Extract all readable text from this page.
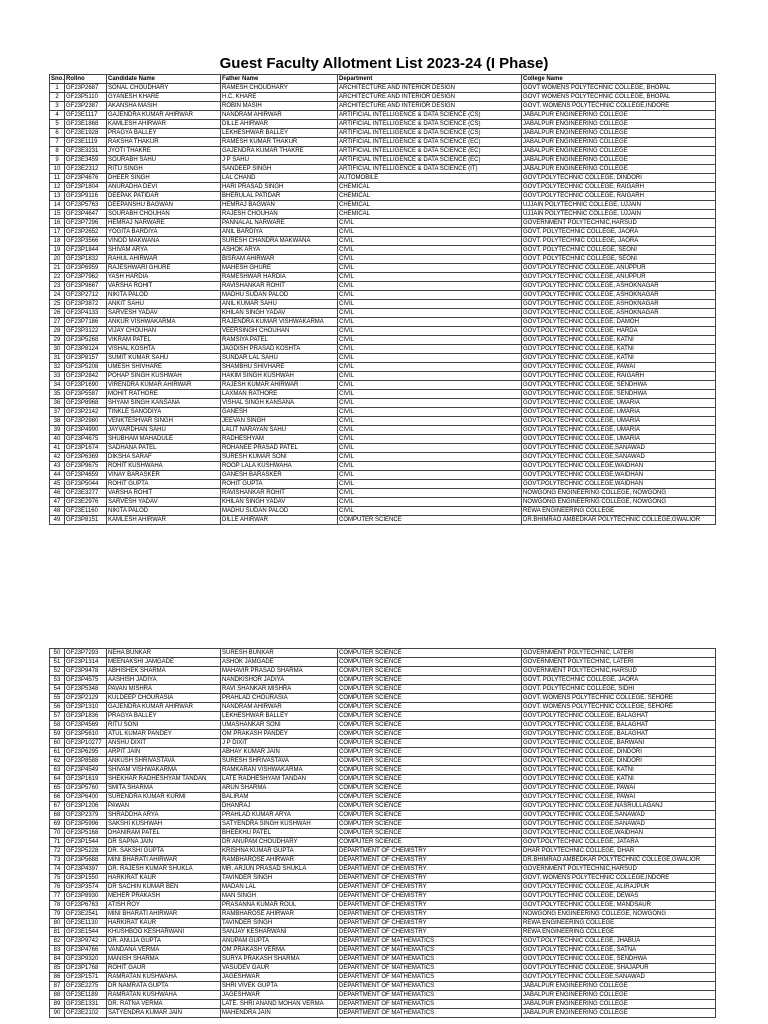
Guest Faculty Allotment List 2023-24 (I Phase)
Sno.	Rollno	Candidate Name	Father Name	Department	College Name
1	GF23P2687	SONAL CHOUDHARY	RAMESH CHOUDHARY	ARCHITECTURE AND INTERIOR DESIGN	GOVT WOMENS POLYTECHNIC COLLEGE, BHOPAL
2	GF23P5110	GYANESH KHARE	H.C. KHARE	ARCHITECTURE AND INTERIOR DESIGN	GOVT WOMENS POLYTECHNIC COLLEGE, BHOPAL
3	GF23P2387	AKANSHA MASIH	ROBIN MASIH	ARCHITECTURE AND INTERIOR DESIGN	GOVT. WOMENS POLYTECHNIC COLLEGE,INDORE
4	GF23E1117	GAJENDRA KUMAR AHIRWAR	NANDRAM AHIRWAR	ARTIFICIAL INTELLIGENCE & DATA SCIENCE (CS)	JABALPUR ENGINEERING COLLEGE
5	GF23E1868	KAMLESH AHIRWAR	DILLE AHIRWAR	ARTIFICIAL INTELLIGENCE & DATA SCIENCE (CS)	JABALPUR ENGINEERING COLLEGE
6	GF23E1928	PRAGYA BALLEY	LEKHESHWAR BALLEY	ARTIFICIAL INTELLIGENCE & DATA SCIENCE (CS)	JABALPUR ENGINEERING COLLEGE
7	GF23E1119	RAKSHA THAKUR	RAMESH KUMAR THAKUR	ARTIFICIAL INTELLIGENCE & DATA SCIENCE (EC)	JABALPUR ENGINEERING COLLEGE
8	GF23E3231	JYOTI THAKRE	GAJENDRA KUMAR THAKRE	ARTIFICIAL INTELLIGENCE & DATA SCIENCE (EC)	JABALPUR ENGINEERING COLLEGE
9	GF23E3459	SOURABH SAHU	J P SAHU	ARTIFICIAL INTELLIGENCE & DATA SCIENCE (EC)	JABALPUR ENGINEERING COLLEGE
10	GF23E2312	RITU SINGH	SANDEEP SINGH	ARTIFICIAL INTELLIGENCE & DATA SCIENCE (IT)	JABALPUR ENGINEERING COLLEGE
11	GF23P4676	DHEER SINGH	LAL CHAND	AUTOMOBILE	GOVT.POLYTECHNIC COLLEGE, DINDORI
12	GF23P1804	ANURADHA DEVI	HARI PRASAD SINGH	CHEMICAL	GOVT.POLYTECHNIC COLLEGE, RAIGARH
13	GF23P9116	DEEPAK PATIDAR	BHERULAL PATIDAR	CHEMICAL	GOVT.POLYTECHNIC COLLEGE, RAIGARH
14	GF23P5763	DEEPANSHU BAGWAN	HEMRAJ BAGWAN	CHEMICAL	UJJAIN POLYTECHNIC COLLEGE, UJJAIN
15	GF23P4647	SOURABH CHOUHAN	RAJESH CHOUHAN	CHEMICAL	UJJAIN POLYTECHNIC COLLEGE, UJJAIN
16	GF23P7296	HEMRAJ NARWARE	PANNALAL NARWARE	CIVIL	GOVERNMENT POLYTECHNIC,HARSUD
17	GF23P2652	YOGITA BARDIYA	ANIL BARDIYA	CIVIL	GOVT. POLYTECHNIC COLLEGE, JAORA
18	GF23P3566	VINOD MAKWANA	SURESH CHANDRA MAKWANA	CIVIL	GOVT. POLYTECHNIC COLLEGE, JAORA
19	GF23P1844	SHIVAM ARYA	ASHOK ARYA	CIVIL	GOVT. POLYTECHNIC COLLEGE, SEONI
20	GF23P1832	RAHUL AHIRWAR	BISRAM AHIRWAR	CIVIL	GOVT. POLYTECHNIC COLLEGE, SEONI
21	GF23P6959	RAJESHWARI GHURE	MAHESH GHURE	CIVIL	GOVT.POLYTECHNIC COLLEGE, ANUPPUR
22	GF23P7962	YASH HARDIA	RAMESHWAR HARDIA	CIVIL	GOVT.POLYTECHNIC COLLEGE, ANUPPUR
23	GF23P9667	VARSHA ROHIT	RAVISHANKAR ROHIT	CIVIL	GOVT.POLYTECHNIC COLLEGE, ASHOKNAGAR
24	GF23P2712	NIKITA PALOD	MADHU SUDAN PALOD	CIVIL	GOVT.POLYTECHNIC COLLEGE, ASHOKNAGAR
25	GF23P3872	ANKIT SAHU	ANIL KUMAR SAHU	CIVIL	GOVT.POLYTECHNIC COLLEGE, ASHOKNAGAR
26	GF23P4133	SARVESH YADAV	KHILAN SINGH YADAV	CIVIL	GOVT.POLYTECHNIC COLLEGE, ASHOKNAGAR
27	GF23P7186	ANKUR VISHWAKARMA	RAJENDRA KUMAR VISHWAKARMA	CIVIL	GOVT.POLYTECHNIC COLLEGE, DAMOH
28	GF23P3122	VIJAY CHOUHAN	VEERSINGH CHOUHAN	CIVIL	GOVT.POLYTECHNIC COLLEGE, HARDA
29	GF23P5268	VIKRAM PATEL	RAMSIYA PATEL	CIVIL	GOVT.POLYTECHNIC COLLEGE, KATNI
30	GF23P8124	VISHAL KOSHTA	JAGDISH PRASAD KOSHTA	CIVIL	GOVT.POLYTECHNIC COLLEGE, KATNI
31	GF23P8157	SUMIT KUMAR SAHU	SUNDAR LAL SAHU	CIVIL	GOVT.POLYTECHNIC COLLEGE, KATNI
32	GF23P5208	UMESH SHIVHARE	SHAMBHU SHIVHARE	CIVIL	GOVT.POLYTECHNIC COLLEGE, PAWAI
33	GF23P2842	POHAP SINGH KUSHWAH	HAKIM SINGH KUSHWAH	CIVIL	GOVT.POLYTECHNIC COLLEGE, RAIGARH
34	GF23P1690	VIRENDRA KUMAR AHIRWAR	RAJESH KUMAR AHIRWAR	CIVIL	GOVT.POLYTECHNIC COLLEGE, SENDHWA
35	GF23P5587	MOHIT RATHORE	LAXMAN RATHORE	CIVIL	GOVT.POLYTECHNIC COLLEGE, SENDHWA
36	GF23P8968	SHYAM SINGH KANSANA	VISHAL SINGH KANSANA	CIVIL	GOVT.POLYTECHNIC COLLEGE, UMARIA
37	GF23P2142	TINKLE SANODIYA	GANESH	CIVIL	GOVT.POLYTECHNIC COLLEGE, UMARIA
38	GF23P2980	VENKTESHVAR SINGH	JEEVAN SINGH	CIVIL	GOVT.POLYTECHNIC COLLEGE, UMARIA
39	GF23P4990	JAYVARDHAN SAHU	LALIT NARAYAN SAHU	CIVIL	GOVT.POLYTECHNIC COLLEGE, UMARIA
40	GF23P4675	SHUBHAM MAHADULE	RADHESHYAM	CIVIL	GOVT.POLYTECHNIC COLLEGE, UMARIA
41	GF23P1674	SADHANA PATEL	ROHANEE PRASAD PATEL	CIVIL	GOVT.POLYTECHNIC COLLEGE,SANAWAD
42	GF23P6369	DIKSHA SARAF	SURESH KUMAR SONI	CIVIL	GOVT.POLYTECHNIC COLLEGE,SANAWAD
43	GF23P9675	ROHIT KUSHWAHA	ROOP LALA KUSHWAHA	CIVIL	GOVT.POLYTECHNIC COLLEGE,WAIDHAN
44	GF23P4659	VINAY BARASKER	GANESH BARASKER	CIVIL	GOVT.POLYTECHNIC COLLEGE,WAIDHAN
45	GF23P5044	ROHIT GUPTA	ROHIT GUPTA	CIVIL	GOVT.POLYTECHNIC COLLEGE,WAIDHAN
46	GF23E3277	VARSHA ROHIT	RAVISHANKAR ROHIT	CIVIL	NOWGONG ENGINEERING COLLEGE, NOWGONG
47	GF23E2976	SARVESH YADAV	KHILAN SINGH YADAV	CIVIL	NOWGONG ENGINEERING COLLEGE, NOWGONG
48	GF23E1160	NIKITA PALOD	MADHU SUDAN PALOD	CIVIL	REWA ENGINEERING COLLEGE
49	GF23P8151	KAMLESH AHIRWAR	DILLE AHIRWAR	COMPUTER SCIENCE	DR.BHIMRAO AMBEDKAR POLYTECHNIC COLLEGE,GWALIOR
50	GF23P7293	NEHA BUNKAR	SURESH BUNKAR	COMPUTER SCIENCE	GOVERNMENT POLYTECHNIC, LATERI
51	GF23P1314	MEENAKSHI JAMGADE	ASHOK JAMGADE	COMPUTER SCIENCE	GOVERNMENT POLYTECHNIC, LATERI
52	GF23P9478	ABHISHEK SHARMA	MAHAVIR PRASAD SHARMA	COMPUTER SCIENCE	GOVERNMENT POLYTECHNIC,HARSUD
53	GF23P4575	AASHISH JADIYA	NANDKISHOR JADIYA	COMPUTER SCIENCE	GOVT. POLYTECHNIC COLLEGE, JAORA
54	GF23P5348	PAVAN MISHRA	RAVI SHANKAR MISHRA	COMPUTER SCIENCE	GOVT. POLYTECHNIC COLLEGE, SIDHI
55	GF23P2129	KULDEEP CHOURASIA	PRAHLAD CHOURASIA	COMPUTER SCIENCE	GOVT. WOMENS POLYTECHNIC COLLEGE, SEHORE
56	GF23P1310	GAJENDRA KUMAR AHIRWAR	NANDRAM AHIRWAR	COMPUTER SCIENCE	GOVT. WOMENS POLYTECHNIC COLLEGE, SEHORE
57	GF23P1836	PRAGYA BALLEY	LEKHESHWAR BALLEY	COMPUTER SCIENCE	GOVT.POLYTECHNIC COLLEGE, BALAGHAT
58	GF23P4569	RITU SONI	UMASHANKAR SONI	COMPUTER SCIENCE	GOVT.POLYTECHNIC COLLEGE, BALAGHAT
59	GF23P5610	ATUL KUMAR PANDEY	OM PRAKASH PANDEY	COMPUTER SCIENCE	GOVT.POLYTECHNIC COLLEGE, BALAGHAT
60	GF23P10277	ANSHU DIXIT	J P DIXIT	COMPUTER SCIENCE	GOVT.POLYTECHNIC COLLEGE, BARWANI
61	GF23P6295	ARPIT JAIN	ABHAY KUMAR JAIN	COMPUTER SCIENCE	GOVT.POLYTECHNIC COLLEGE, DINDORI
62	GF23P8588	ANKUSH SHRIVASTAVA	SURESH SHRIVASTAVA	COMPUTER SCIENCE	GOVT.POLYTECHNIC COLLEGE, DINDORI
63	GF23P4549	SHIVAM VISHWAKARMA	RAMKARAN VISHWAKARMA	COMPUTER SCIENCE	GOVT.POLYTECHNIC COLLEGE, KATNI
64	GF23P1619	SHEKHAR RADHESHYAM TANDAN	LATE RADHESHYAM TANDAN	COMPUTER SCIENCE	GOVT.POLYTECHNIC COLLEGE, KATNI
65	GF23P5760	SMITA SHARMA	ARUN SHARMA	COMPUTER SCIENCE	GOVT.POLYTECHNIC COLLEGE, PAWAI
66	GF23P6400	SURENDRA KUMAR KURMI	BALIRAM	COMPUTER SCIENCE	GOVT.POLYTECHNIC COLLEGE, PAWAI
67	GF23P1206	PAWAN	DHANRAJ	COMPUTER SCIENCE	GOVT.POLYTECHNIC COLLEGE,NASRULLAGANJ
68	GF23P2379	SHRADDHA ARYA	PRAHLAD KUMAR ARYA	COMPUTER SCIENCE	GOVT.POLYTECHNIC COLLEGE,SANAWAD
69	GF23P5996	SAKSHI KUSHWAH	SATYENDRA SINGH KUSHWAH	COMPUTER SCIENCE	GOVT.POLYTECHNIC COLLEGE,SANAWAD
70	GF23P5168	DHANIRAM PATEL	BHEEKHU PATEL	COMPUTER SCIENCE	GOVT.POLYTECHNIC COLLEGE,WAIDHAN
71	GF23P1544	DR SAPNA JAIN	DR ANUPAM CHOUDHARY	COMPUTER SCIENCE	GOVT.POLYTECHNIC COLLEGE, JATARA
72	GF23P5228	DR. SAKSHI GUPTA	KRISHNA KUMAR GUPTA	DEPARTMENT OF CHEMISTRY	DHAR POLYTECHNIC COLLEGE, DHAR
73	GF23P5688	MINI BHARATI AHIRWAR	RAMBHAROSE AHIRWAR	DEPARTMENT OF CHEMISTRY	DR.BHIMRAO AMBEDKAR POLYTECHNIC COLLEGE,GWALIOR
74	GF23P4397	DR. RAJESH KUMAR SHUKLA	MR. ARJUN PRASAD SHUKLA	DEPARTMENT OF CHEMISTRY	GOVERNMENT POLYTECHNIC,HARSUD
75	GF23P1550	HARKIRAT KAUR	TAVINDER SINGH	DEPARTMENT OF CHEMISTRY	GOVT. WOMENS POLYTECHNIC COLLEGE,INDORE
76	GF23P3574	DR SACHIN KUMAR BEN	MADAN LAL	DEPARTMENT OF CHEMISTRY	GOVT.POLYTECHNIC COLLEGE, ALIRAJPUR
77	GF23P8930	MEHER PRAKASH	MAN SINGH	DEPARTMENT OF CHEMISTRY	GOVT.POLYTECHNIC COLLEGE, DEWAS
78	GF23P6763	ATISH ROY	PRASANNA KUMAR ROUL	DEPARTMENT OF CHEMISTRY	GOVT.POLYTECHNIC COLLEGE, MANDSAUR
79	GF23E2541	MINI BHARATI AHIRWAR	RAMBHAROSE AHIRWAR	DEPARTMENT OF CHEMISTRY	NOWGONG ENGINEERING COLLEGE, NOWGONG
80	GF23E1130	HARKIRAT KAUR	TAVINDER SINGH	DEPARTMENT OF CHEMISTRY	REWA ENGINEERING COLLEGE
81	GF23E1544	KHUSHBOO KESHARWANI	SANJAY KESHARWANI	DEPARTMENT OF CHEMISTRY	REWA ENGINEERING COLLEGE
82	GF23P9742	DR. ANUJA GUPTA	ANUPAM GUPTA	DEPARTMENT OF MATHEMATICS	GOVT.POLYTECHNIC COLLEGE, JHABUA
83	GF23P4766	VANDANA VERMA	OM PRAKASH VERMA	DEPARTMENT OF MATHEMATICS	GOVT.POLYTECHNIC COLLEGE, SATNA
84	GF23P9320	MANISH SHARMA	SURYA PRAKASH SHARMA	DEPARTMENT OF MATHEMATICS	GOVT.POLYTECHNIC COLLEGE, SENDHWA
85	GF23P1768	ROHIT GAUR	VASUDEV GAUR	DEPARTMENT OF MATHEMATICS	GOVT.POLYTECHNIC COLLEGE, SHAJAPUR
86	GF23P1571	RAMRATAN KUSHWAHA	JAGESHWAR	DEPARTMENT OF MATHEMATICS	GOVT.POLYTECHNIC COLLEGE,SANAWAD
87	GF23E2275	DR NAMRATA GUPTA	SHRI VIVEK GUPTA	DEPARTMENT OF MATHEMATICS	JABALPUR ENGINEERING COLLEGE
88	GF23E1189	RAMRATAN KUSHWAHA	JAGESHWAR	DEPARTMENT OF MATHEMATICS	JABALPUR ENGINEERING COLLEGE
89	GF23E1331	DR. RATNA VERMA	LATE. SHRI ANAND MOHAN VERMA	DEPARTMENT OF MATHEMATICS	JABALPUR ENGINEERING COLLEGE
90	GF23E2102	SATYENDRA KUMAR JAIN	MAHENDRA JAIN	DEPARTMENT OF MATHEMATICS	JABALPUR ENGINEERING COLLEGE
